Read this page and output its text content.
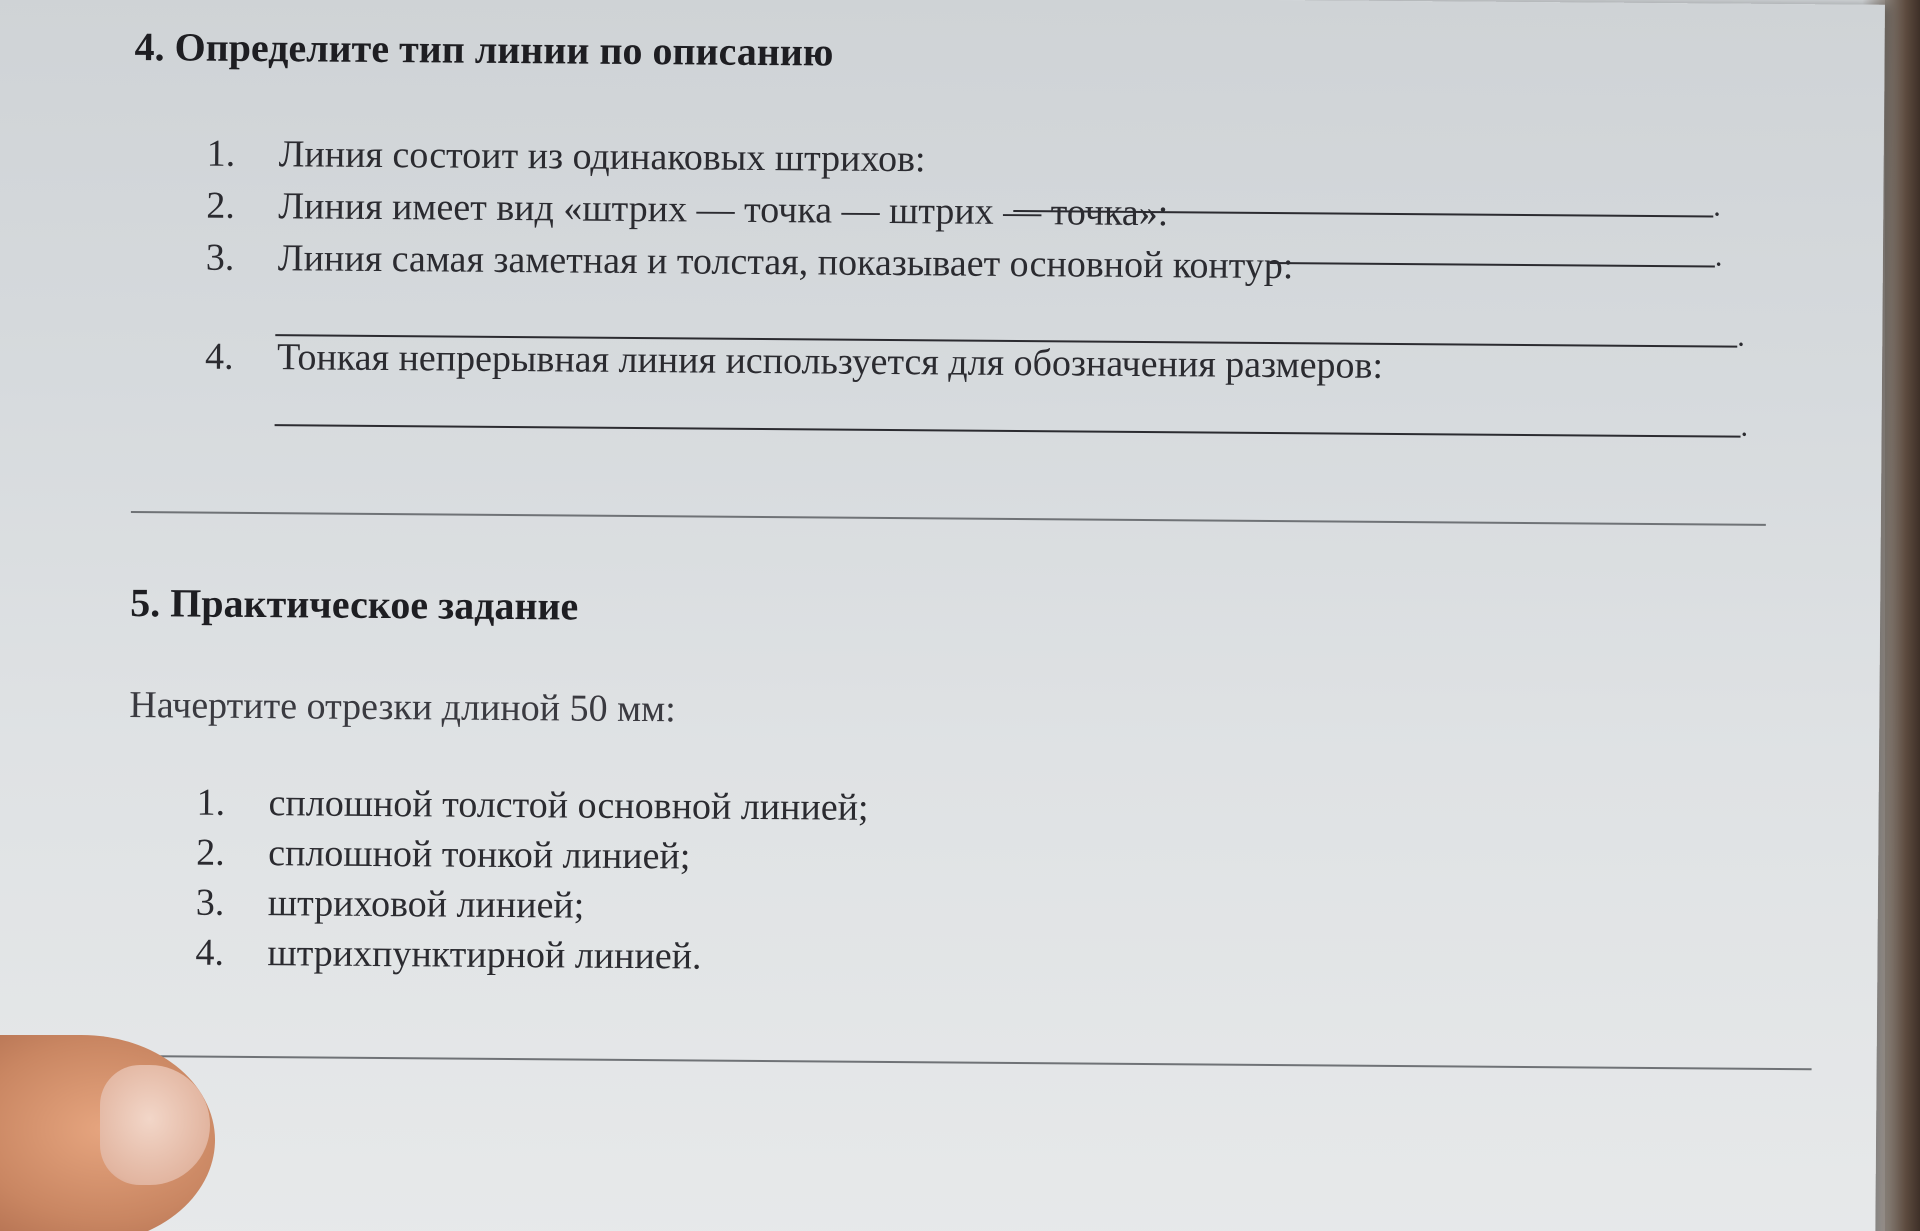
4. Определите тип линии по описанию
1. Линия состоит из одинаковых штрихов:
.
2. Линия имеет вид «штрих — точка — штрих — точка»:
.
3. Линия самая заметная и толстая, показывает основной контур:
.
4. Тонкая непрерывная линия используется для обозначения размеров:
.
5. Практическое задание
Начертите отрезки длиной 50 мм:
1. сплошной толстой основной линией;
2. сплошной тонкой линией;
3. штриховой линией;
4. штрихпунктирной линией.
